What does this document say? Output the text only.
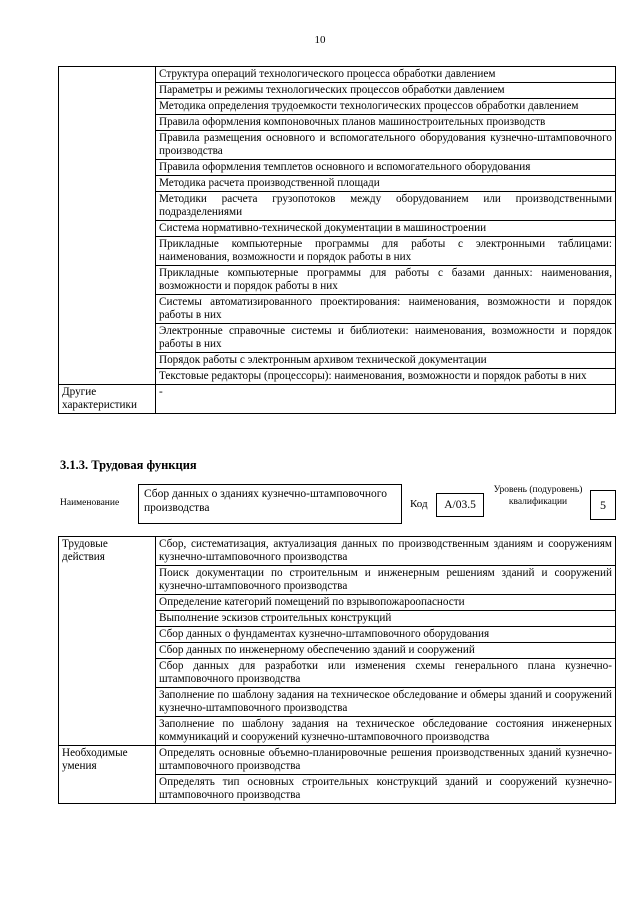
10
	Структура операций технологического процесса обработки давлением
	Параметры и режимы технологических процессов обработки давлением
	Методика определения трудоемкости технологических процессов обработки давлением
	Правила оформления компоновочных планов машиностроительных производств
	Правила размещения основного и вспомогательного оборудования кузнечно-штамповочного производства
	Правила оформления темплетов основного и вспомогательного оборудования
	Методика расчета производственной площади
	Методики расчета грузопотоков между оборудованием или производственными подразделениями
	Система нормативно-технической документации в машиностроении
	Прикладные компьютерные программы для работы с электронными таблицами: наименования, возможности и порядок работы в них
	Прикладные компьютерные программы для работы с базами данных: наименования, возможности и порядок работы в них
	Системы автоматизированного проектирования: наименования, возможности и порядок работы в них
	Электронные справочные системы и библиотеки: наименования, возможности и порядок работы в них
	Порядок работы с электронным архивом технической документации
	Текстовые редакторы (процессоры): наименования, возможности и порядок работы в них
Другие характеристики	-
3.1.3. Трудовая функция
Наименование
Сбор данных о зданиях кузнечно-штамповочного производства	Код	A/03.5
Уровень (подуровень) квалификации	5
Трудовые действия	Сбор, систематизация, актуализация данных по производственным зданиям и сооружениям кузнечно-штамповочного производства
	Поиск документации по строительным и инженерным решениям зданий и сооружений кузнечно-штамповочного производства
	Определение категорий помещений по взрывопожароопасности
	Выполнение эскизов строительных конструкций
	Сбор данных о фундаментах кузнечно-штамповочного оборудования
	Сбор данных по инженерному обеспечению зданий и сооружений
	Сбор данных для разработки или изменения схемы генерального плана кузнечно-штамповочного производства
	Заполнение по шаблону задания на техническое обследование и обмеры зданий и сооружений кузнечно-штамповочного производства
	Заполнение по шаблону задания на техническое обследование состояния инженерных коммуникаций и сооружений кузнечно-штамповочного производства
Необходимые умения	Определять основные объемно-планировочные решения производственных зданий кузнечно-штамповочного производства
	Определять тип основных строительных конструкций зданий и сооружений кузнечно-штамповочного производства
